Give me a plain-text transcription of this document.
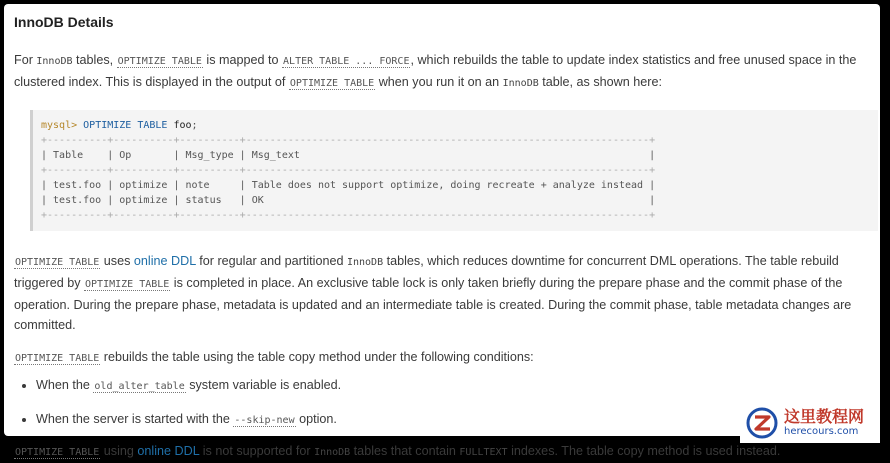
InnoDB Details

For InnoDB tables, OPTIMIZE TABLE is mapped to ALTER TABLE ... FORCE, which rebuilds the table to update index statistics and free unused space in the clustered index. This is displayed in the output of OPTIMIZE TABLE when you run it on an InnoDB table, as shown here:

mysql> OPTIMIZE TABLE foo;
+----------+----------+----------+-------------------------------------------------------------------+
| Table    | Op       | Msg_type | Msg_text                                                          |
+----------+----------+----------+-------------------------------------------------------------------+
| test.foo | optimize | note     | Table does not support optimize, doing recreate + analyze instead |
| test.foo | optimize | status   | OK                                                                |
+----------+----------+----------+-------------------------------------------------------------------+

OPTIMIZE TABLE uses online DDL for regular and partitioned InnoDB tables, which reduces downtime for concurrent DML operations. The table rebuild triggered by OPTIMIZE TABLE is completed in place. An exclusive table lock is only taken briefly during the prepare phase and the commit phase of the operation. During the prepare phase, metadata is updated and an intermediate table is created. During the commit phase, table metadata changes are committed.

OPTIMIZE TABLE rebuilds the table using the table copy method under the following conditions:

• When the old_alter_table system variable is enabled.
• When the server is started with the --skip-new option.

OPTIMIZE TABLE using online DDL is not supported for InnoDB tables that contain FULLTEXT indexes. The table copy method is used instead.

这里教程网
herecours.com
